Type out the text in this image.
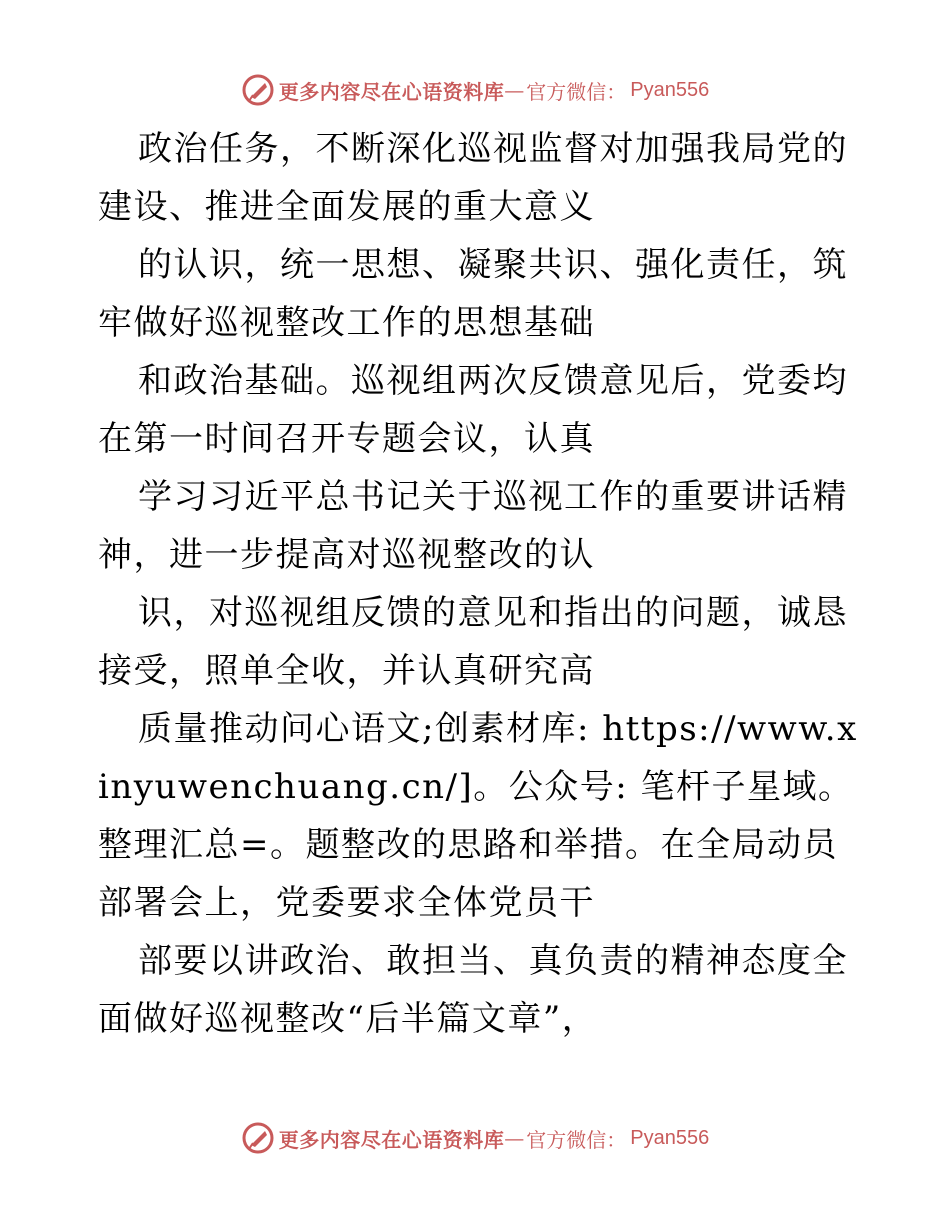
更多内容尽在心语资料库 — 官方微信： Pyan556

政治任务，不断深化巡视监督对加强我局党的建设、推进全面发展的重大意义

的认识，统一思想、凝聚共识、强化责任，筑牢做好巡视整改工作的思想基础

和政治基础。巡视组两次反馈意见后，党委均在第一时间召开专题会议，认真

学习习近平总书记关于巡视工作的重要讲话精神，进一步提高对巡视整改的认

识，对巡视组反馈的意见和指出的问题，诚恳接受，照单全收，并认真研究高

质量推动问心语文;创素材库: https://www.xinyuwenchuang.cn/]。公众号: 笔杆子星域。整理汇总=。题整改的思路和举措。在全局动员部署会上，党委要求全体党员干

部要以讲政治、敢担当、真负责的精神态度全面做好巡视整改“后半篇文章”，

更多内容尽在心语资料库 — 官方微信： Pyan556
